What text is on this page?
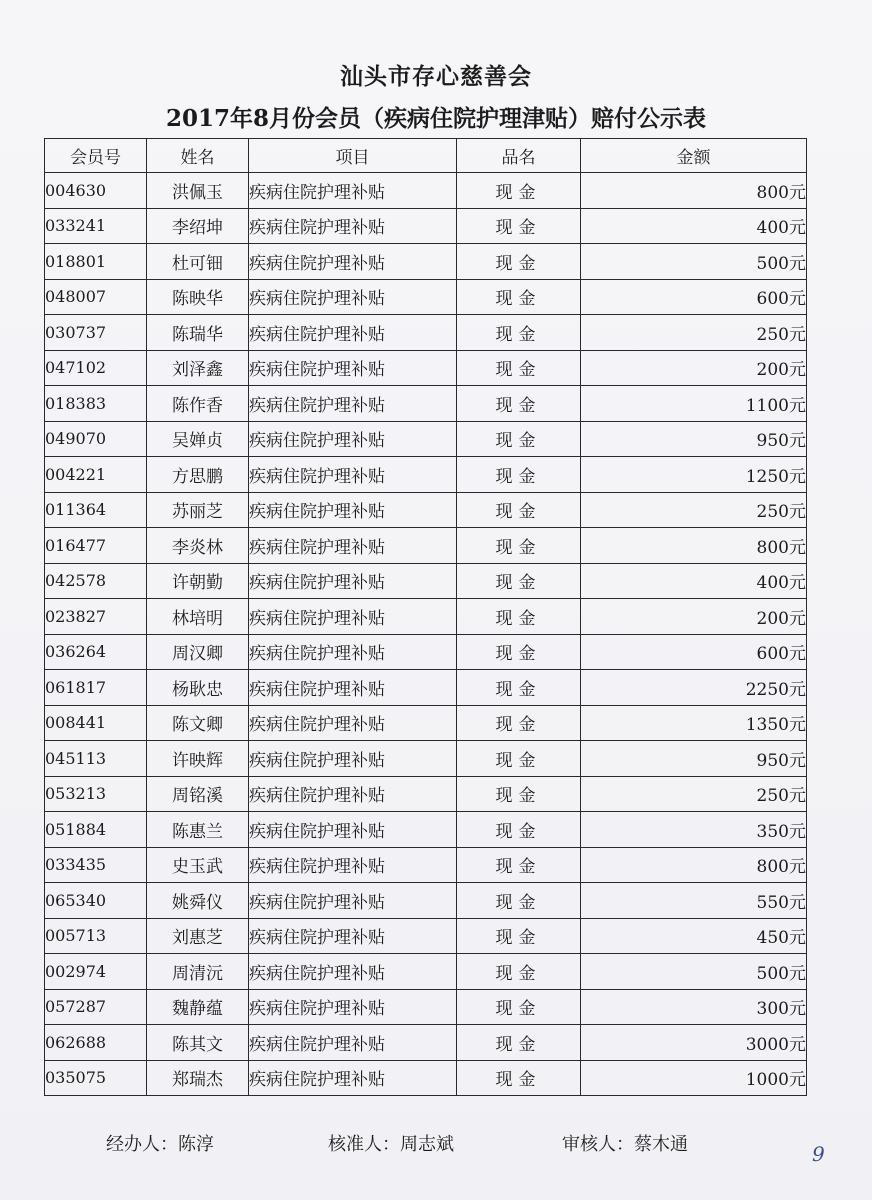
汕头市存心慈善会
2017年8月份会员（疾病住院护理津贴）赔付公示表
会员号	姓名	项目	品名	金额
004630	洪佩玉	疾病住院护理补贴	现金	800元
033241	李绍坤	疾病住院护理补贴	现金	400元
018801	杜可钿	疾病住院护理补贴	现金	500元
048007	陈映华	疾病住院护理补贴	现金	600元
030737	陈瑞华	疾病住院护理补贴	现金	250元
047102	刘泽鑫	疾病住院护理补贴	现金	200元
018383	陈作香	疾病住院护理补贴	现金	1100元
049070	吴婵贞	疾病住院护理补贴	现金	950元
004221	方思鹏	疾病住院护理补贴	现金	1250元
011364	苏丽芝	疾病住院护理补贴	现金	250元
016477	李炎林	疾病住院护理补贴	现金	800元
042578	许朝勤	疾病住院护理补贴	现金	400元
023827	林培明	疾病住院护理补贴	现金	200元
036264	周汉卿	疾病住院护理补贴	现金	600元
061817	杨耿忠	疾病住院护理补贴	现金	2250元
008441	陈文卿	疾病住院护理补贴	现金	1350元
045113	许映辉	疾病住院护理补贴	现金	950元
053213	周铭溪	疾病住院护理补贴	现金	250元
051884	陈惠兰	疾病住院护理补贴	现金	350元
033435	史玉武	疾病住院护理补贴	现金	800元
065340	姚舜仪	疾病住院护理补贴	现金	550元
005713	刘惠芝	疾病住院护理补贴	现金	450元
002974	周清沅	疾病住院护理补贴	现金	500元
057287	魏静蕴	疾病住院护理补贴	现金	300元
062688	陈其文	疾病住院护理补贴	现金	3000元
035075	郑瑞杰	疾病住院护理补贴	现金	1000元
经办人：陈淳	核准人：周志斌	审核人：蔡木通	9
